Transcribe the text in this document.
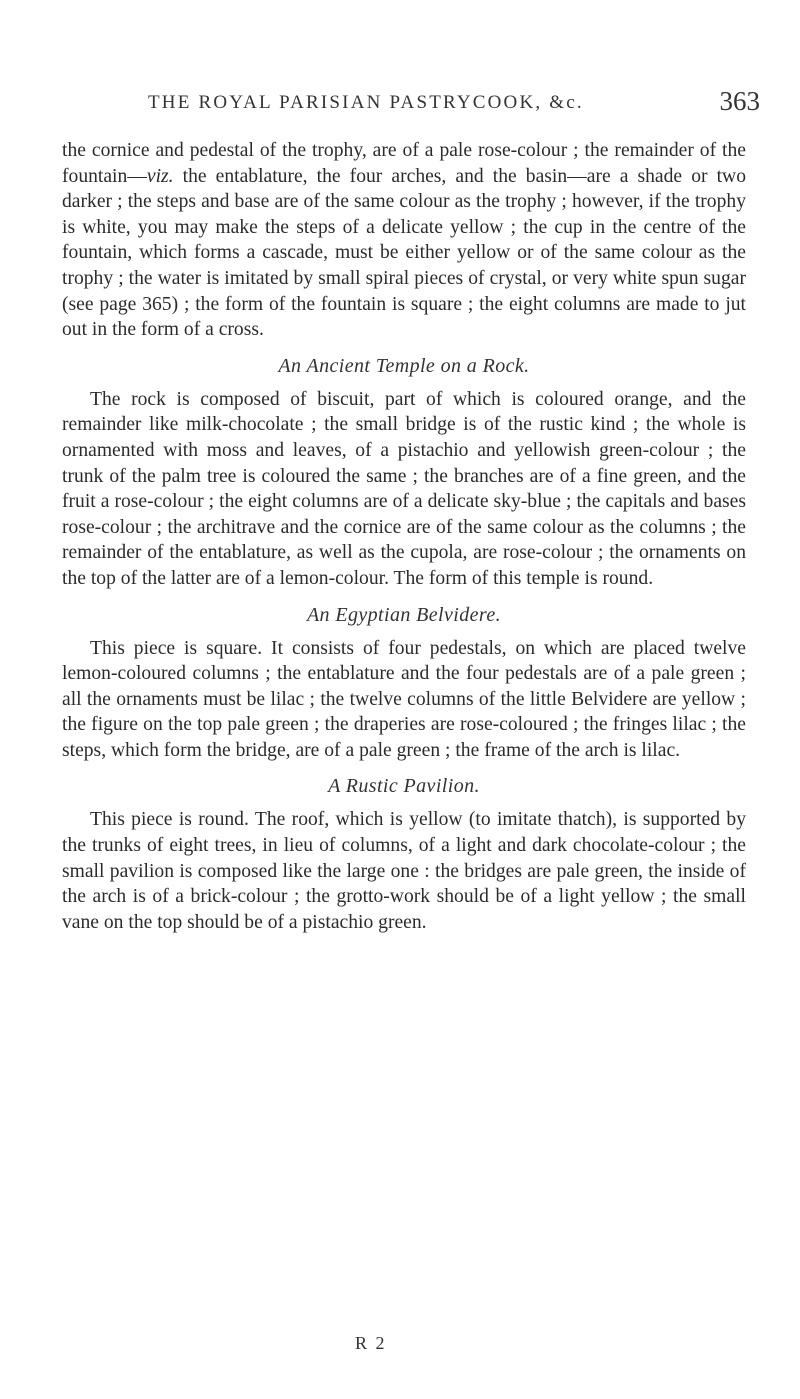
THE ROYAL PARISIAN PASTRYCOOK, &c.	363

the cornice and pedestal of the trophy, are of a pale rose-colour ; the remainder of the fountain—viz. the entablature, the four arches, and the basin—are a shade or two darker ; the steps and base are of the same colour as the trophy ; however, if the trophy is white, you may make the steps of a delicate yellow ; the cup in the centre of the fountain, which forms a cascade, must be either yellow or of the same colour as the trophy ; the water is imitated by small spiral pieces of crystal, or very white spun sugar (see page 365) ; the form of the fountain is square ; the eight columns are made to jut out in the form of a cross.

An Ancient Temple on a Rock.

The rock is composed of biscuit, part of which is coloured orange, and the remainder like milk-chocolate ; the small bridge is of the rustic kind ; the whole is ornamented with moss and leaves, of a pistachio and yellowish green-colour ; the trunk of the palm tree is coloured the same ; the branches are of a fine green, and the fruit a rose-colour ; the eight columns are of a delicate sky-blue ; the capitals and bases rose-colour ; the architrave and the cornice are of the same colour as the columns ; the remainder of the entablature, as well as the cupola, are rose-colour ; the ornaments on the top of the latter are of a lemon-colour. The form of this temple is round.

An Egyptian Belvidere.

This piece is square. It consists of four pedestals, on which are placed twelve lemon-coloured columns ; the entablature and the four pedestals are of a pale green ; all the ornaments must be lilac ; the twelve columns of the little Belvidere are yellow ; the figure on the top pale green ; the draperies are rose-coloured ; the fringes lilac ; the steps, which form the bridge, are of a pale green ; the frame of the arch is lilac.

A Rustic Pavilion.

This piece is round. The roof, which is yellow (to imitate thatch), is supported by the trunks of eight trees, in lieu of columns, of a light and dark chocolate-colour ; the small pavilion is composed like the large one : the bridges are pale green, the inside of the arch is of a brick-colour ; the grotto-work should be of a light yellow ; the small vane on the top should be of a pistachio green.

R 2
